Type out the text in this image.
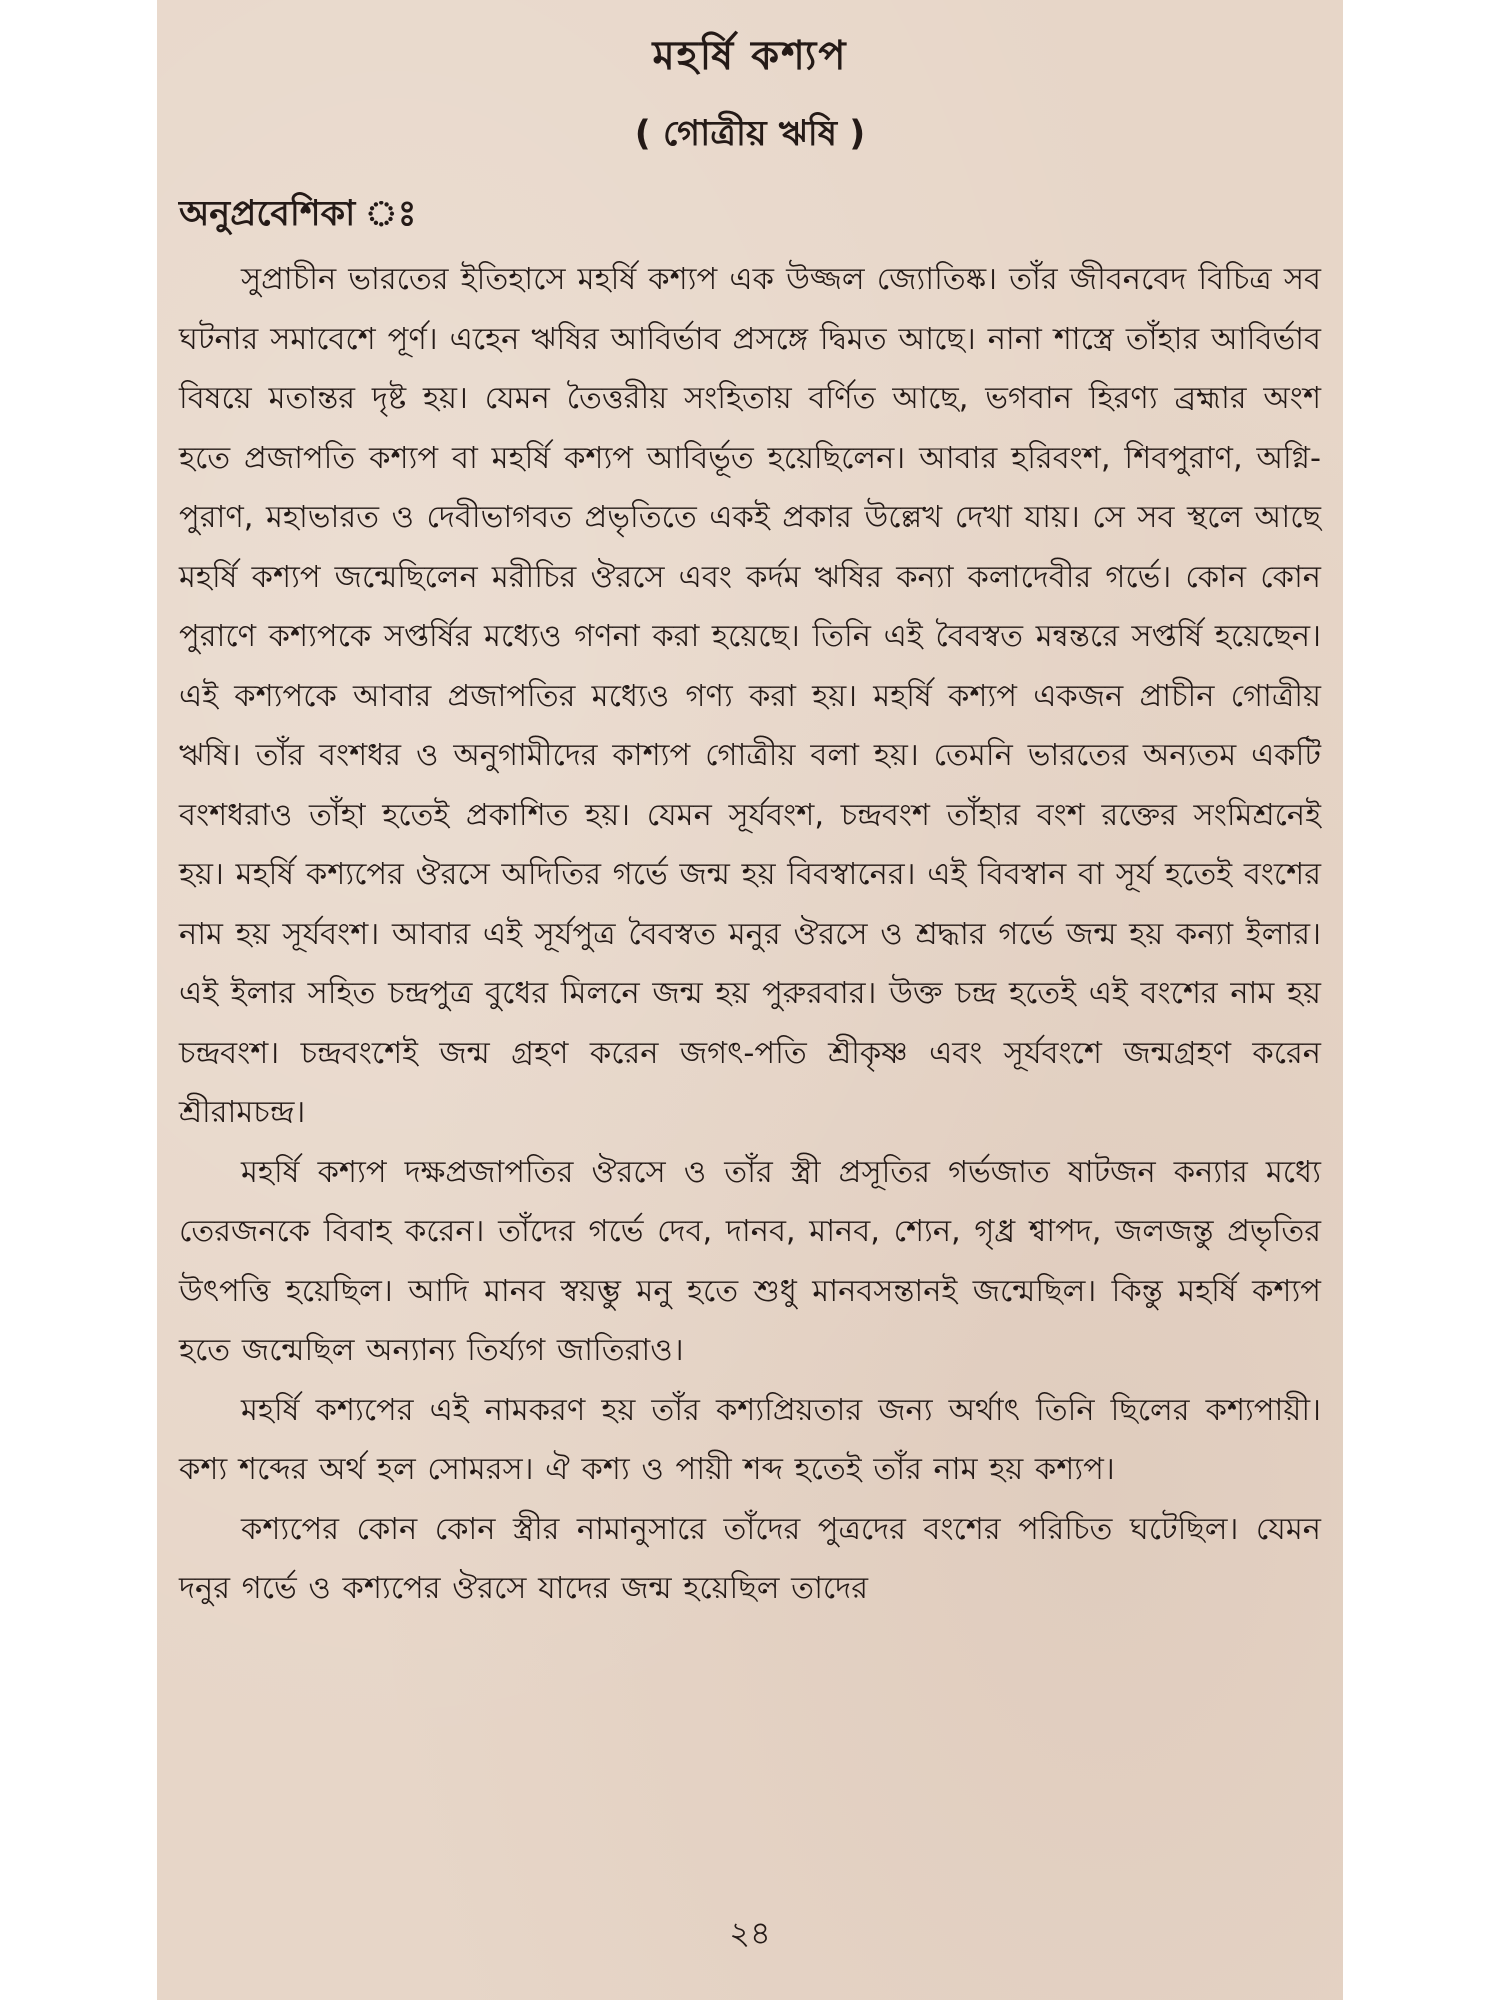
মহর্ষি কশ্যপ
( গোত্রীয় ঋষি )
অনুপ্রবেশিকা ঃ

সুপ্রাচীন ভারতের ইতিহাসে মহর্ষি কশ্যপ এক উজ্জল জ্যোতিষ্ক। তাঁর জীবনবেদ বিচিত্র সব ঘটনার সমাবেশে পূর্ণ। এহেন ঋষির আবির্ভাব প্রসঙ্গে দ্বিমত আছে। নানা শাস্ত্রে তাঁহার আবির্ভাব বিষয়ে মতান্তর দৃষ্ট হয়। যেমন তৈত্তরীয় সংহিতায় বর্ণিত আছে, ভগবান হিরণ্য ব্রহ্মার অংশ হতে প্রজাপতি কশ্যপ বা মহর্ষি কশ্যপ আবির্ভূত হয়েছিলেন। আবার হরিবংশ, শিবপুরাণ, অগ্নি-পুরাণ, মহাভারত ও দেবীভাগবত প্রভৃতিতে একই প্রকার উল্লেখ দেখা যায়। সে সব স্থলে আছে মহর্ষি কশ্যপ জন্মেছিলেন মরীচির ঔরসে এবং কর্দম ঋষির কন্যা কলাদেবীর গর্ভে। কোন কোন পুরাণে কশ্যপকে সপ্তর্ষির মধ্যেও গণনা করা হয়েছে। তিনি এই বৈবস্বত মন্বন্তরে সপ্তর্ষি হয়েছেন। এই কশ্যপকে আবার প্রজাপতির মধ্যেও গণ্য করা হয়। মহর্ষি কশ্যপ একজন প্রাচীন গোত্রীয় ঋষি। তাঁর বংশধর ও অনুগামীদের কাশ্যপ গোত্রীয় বলা হয়। তেমনি ভারতের অন্যতম একটি বংশধরাও তাঁহা হতেই প্রকাশিত হয়। যেমন সূর্যবংশ, চন্দ্রবংশ তাঁহার বংশ রক্তের সংমিশ্রনেই হয়। মহর্ষি কশ্যপের ঔরসে অদিতির গর্ভে জন্ম হয় বিবস্বানের। এই বিবস্বান বা সূর্য হতেই বংশের নাম হয় সূর্যবংশ। আবার এই সূর্যপুত্র বৈবস্বত মনুর ঔরসে ও শ্রদ্ধার গর্ভে জন্ম হয় কন্যা ইলার। এই ইলার সহিত চন্দ্রপুত্র বুধের মিলনে জন্ম হয় পুরুরবার। উক্ত চন্দ্র হতেই এই বংশের নাম হয় চন্দ্রবংশ। চন্দ্রবংশেই জন্ম গ্রহণ করেন জগৎ-পতি শ্রীকৃষ্ণ এবং সূর্যবংশে জন্মগ্রহণ করেন শ্রীরামচন্দ্র।

মহর্ষি কশ্যপ দক্ষপ্রজাপতির ঔরসে ও তাঁর স্ত্রী প্রসূতির গর্ভজাত ষাটজন কন্যার মধ্যে তেরজনকে বিবাহ করেন। তাঁদের গর্ভে দেব, দানব, মানব, শ্যেন, গৃধ্র শ্বাপদ, জলজন্তু প্রভৃতির উৎপত্তি হয়েছিল। আদি মানব স্বয়ম্ভু মনু হতে শুধু মানবসন্তানই জন্মেছিল। কিন্তু মহর্ষি কশ্যপ হতে জন্মেছিল অন্যান্য তির্য্যগ জাতিরাও।

মহর্ষি কশ্যপের এই নামকরণ হয় তাঁর কশ্যপ্রিয়তার জন্য অর্থাৎ তিনি ছিলের কশ্যপায়ী। কশ্য শব্দের অর্থ হল সোমরস। ঐ কশ্য ও পায়ী শব্দ হতেই তাঁর নাম হয় কশ্যপ।

কশ্যপের কোন কোন স্ত্রীর নামানুসারে তাঁদের পুত্রদের বংশের পরিচিত ঘটেছিল। যেমন দনুর গর্ভে ও কশ্যপের ঔরসে যাদের জন্ম হয়েছিল তাদের

২৪
